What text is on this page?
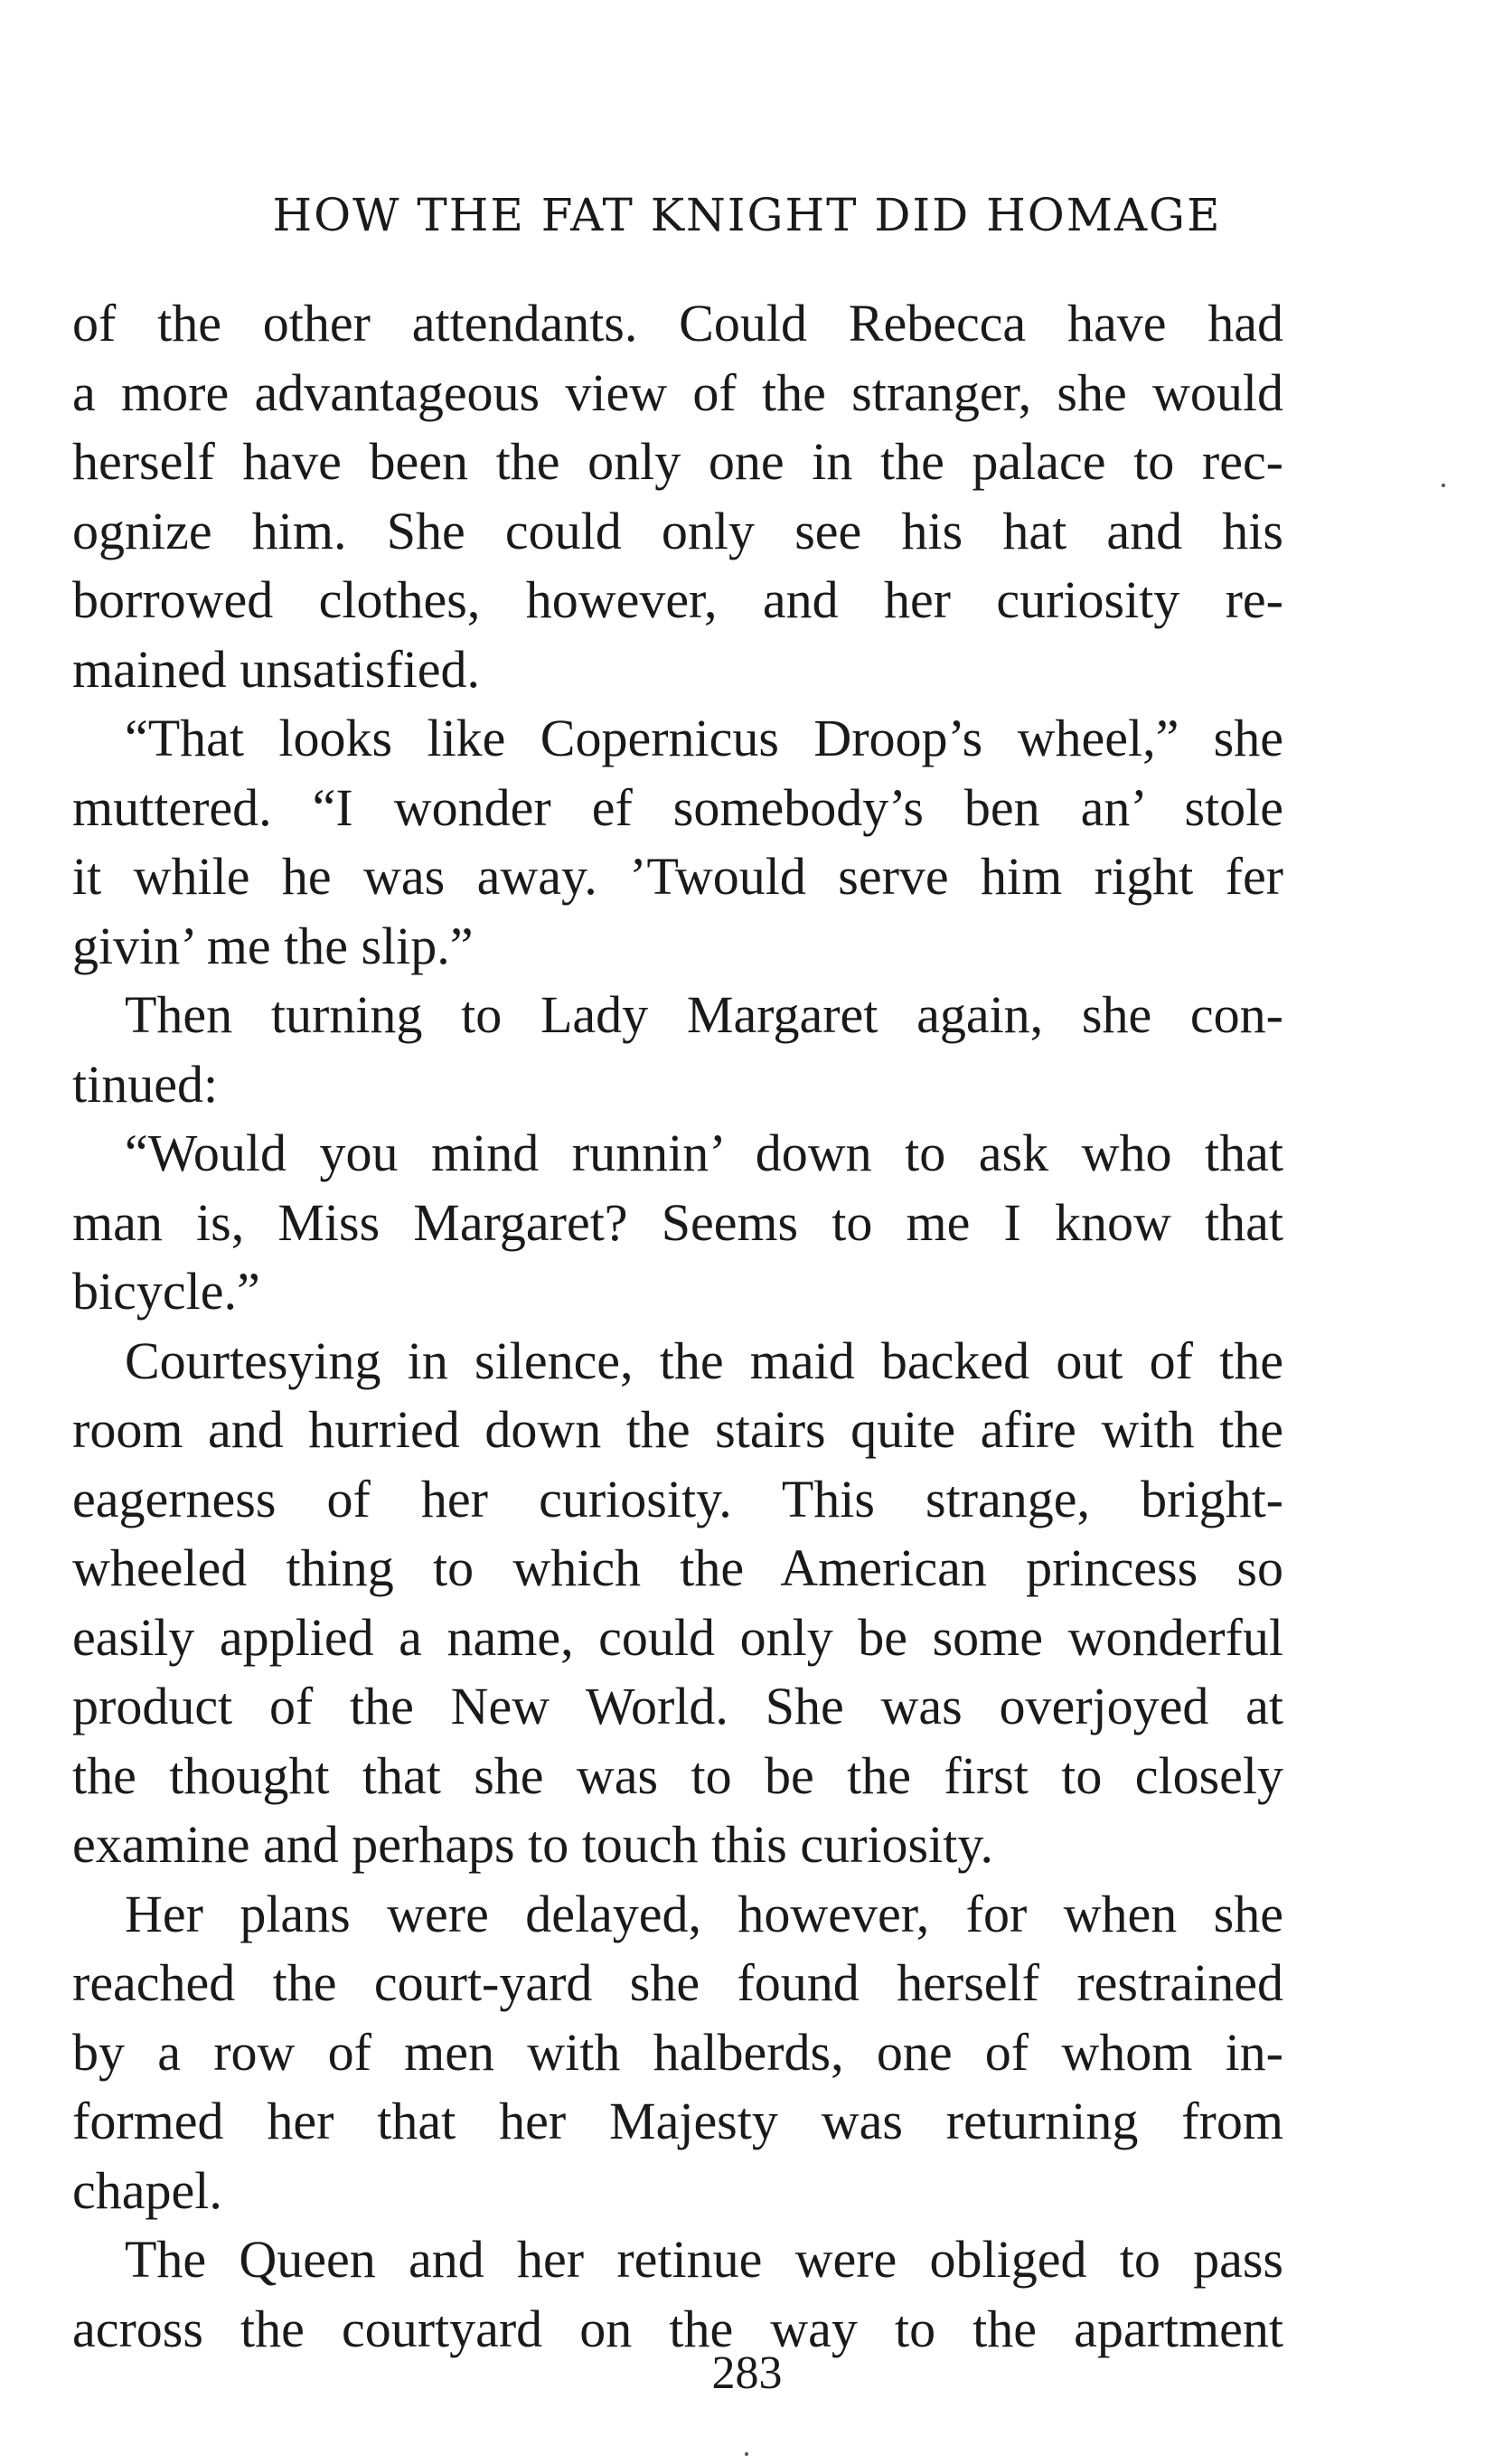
HOW THE FAT KNIGHT DID HOMAGE
of the other attendants. Could Rebecca have had
a more advantageous view of the stranger, she would
herself have been the only one in the palace to rec-
ognize him. She could only see his hat and his
borrowed clothes, however, and her curiosity re-
mained unsatisfied.
“That looks like Copernicus Droop’s wheel,” she
muttered. “I wonder ef somebody’s ben an’ stole
it while he was away. ’Twould serve him right fer
givin’ me the slip.”
Then turning to Lady Margaret again, she con-
tinued:
“Would you mind runnin’ down to ask who that
man is, Miss Margaret? Seems to me I know that
bicycle.”
Courtesying in silence, the maid backed out of the
room and hurried down the stairs quite afire with the
eagerness of her curiosity. This strange, bright-
wheeled thing to which the American princess so
easily applied a name, could only be some wonderful
product of the New World. She was overjoyed at
the thought that she was to be the first to closely
examine and perhaps to touch this curiosity.
Her plans were delayed, however, for when she
reached the court-yard she found herself restrained
by a row of men with halberds, one of whom in-
formed her that her Majesty was returning from
chapel.
The Queen and her retinue were obliged to pass
across the courtyard on the way to the apartment
283
